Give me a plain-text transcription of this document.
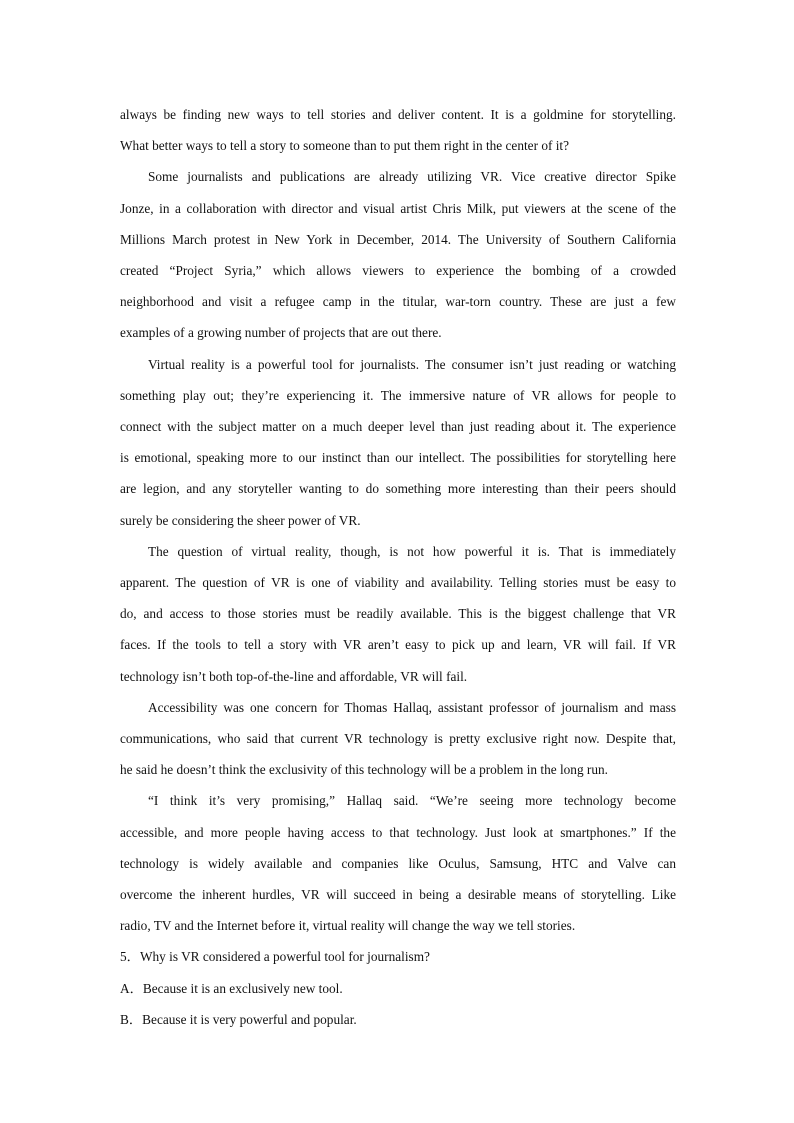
always be finding new ways to tell stories and deliver content. It is a goldmine for storytelling.
What better ways to tell a story to someone than to put them right in the center of it?
Some journalists and publications are already utilizing VR. Vice creative director Spike
Jonze, in a collaboration with director and visual artist Chris Milk, put viewers at the scene of the
Millions March protest in New York in December, 2014. The University of Southern California
created “Project Syria,” which allows viewers to experience the bombing of a crowded
neighborhood and visit a refugee camp in the titular, war-torn country. These are just a few
examples of a growing number of projects that are out there.
Virtual reality is a powerful tool for journalists. The consumer isn’t just reading or watching
something play out; they’re experiencing it. The immersive nature of VR allows for people to
connect with the subject matter on a much deeper level than just reading about it. The experience
is emotional, speaking more to our instinct than our intellect. The possibilities for storytelling here
are legion, and any storyteller wanting to do something more interesting than their peers should
surely be considering the sheer power of VR.
The question of virtual reality, though, is not how powerful it is. That is immediately
apparent. The question of VR is one of viability and availability. Telling stories must be easy to
do, and access to those stories must be readily available. This is the biggest challenge that VR
faces. If the tools to tell a story with VR aren’t easy to pick up and learn, VR will fail. If VR
technology isn’t both top-of-the-line and affordable, VR will fail.
Accessibility was one concern for Thomas Hallaq, assistant professor of journalism and mass
communications, who said that current VR technology is pretty exclusive right now. Despite that,
he said he doesn’t think the exclusivity of this technology will be a problem in the long run.
“I think it’s very promising,” Hallaq said. “We’re seeing more technology become
accessible, and more people having access to that technology. Just look at smartphones.” If the
technology is widely available and companies like Oculus, Samsung, HTC and Valve can
overcome the inherent hurdles, VR will succeed in being a desirable means of storytelling. Like
radio, TV and the Internet before it, virtual reality will change the way we tell stories.
5．Why is VR considered a powerful tool for journalism?
A．Because it is an exclusively new tool.
B．Because it is very powerful and popular.
